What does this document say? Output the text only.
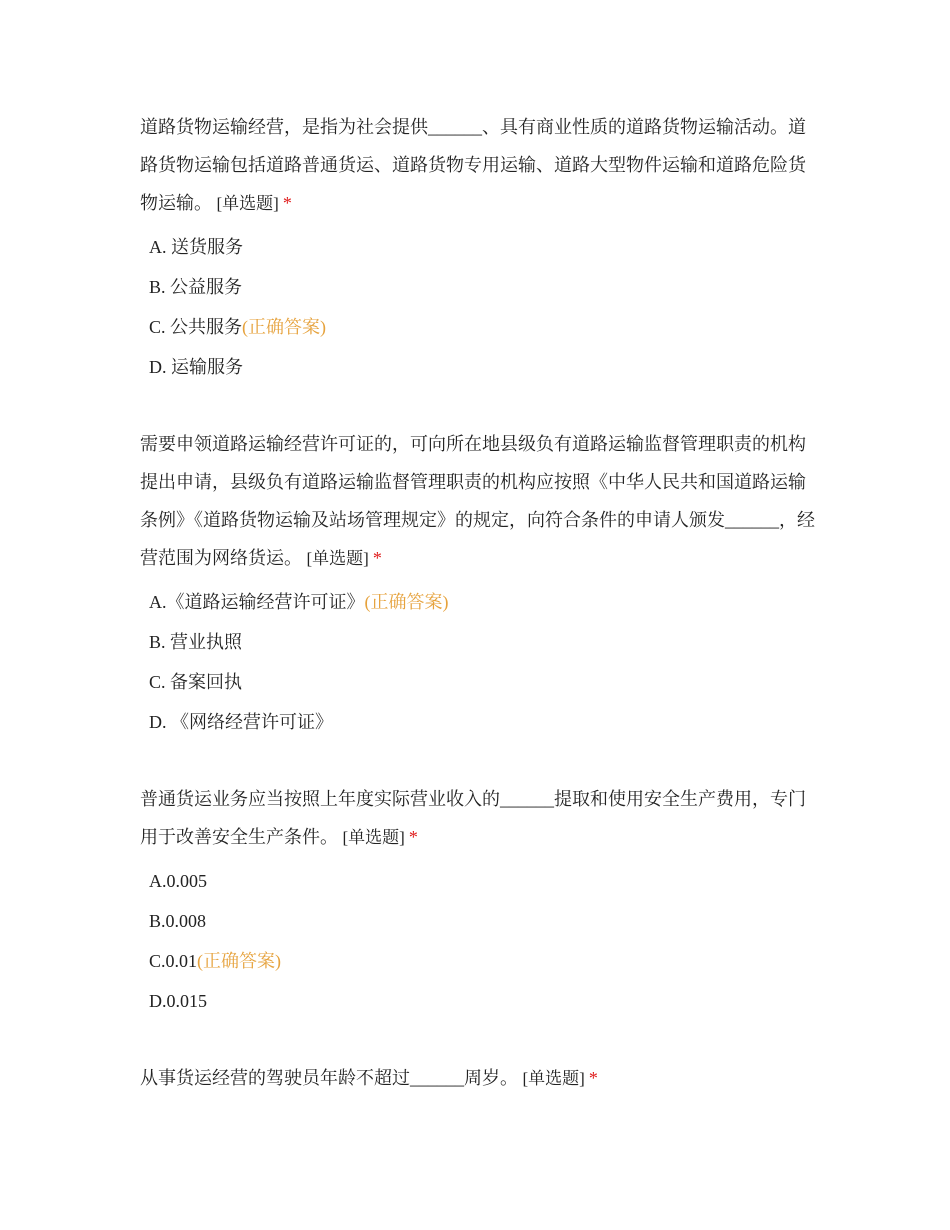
道路货物运输经营，是指为社会提供______、具有商业性质的道路货物运输活动。道路货物运输包括道路普通货运、道路货物专用运输、道路大型物件运输和道路危险货物运输。 [单选题] *
A. 送货服务
B. 公益服务
C. 公共服务(正确答案)
D. 运输服务
需要申领道路运输经营许可证的，可向所在地县级负有道路运输监督管理职责的机构提出申请，县级负有道路运输监督管理职责的机构应按照《中华人民共和国道路运输条例》《道路货物运输及站场管理规定》的规定，向符合条件的申请人颁发______，经营范围为网络货运。 [单选题] *
A.《道路运输经营许可证》(正确答案)
B. 营业执照
C. 备案回执
D. 《网络经营许可证》
普通货运业务应当按照上年度实际营业收入的______提取和使用安全生产费用，专门用于改善安全生产条件。 [单选题] *
A.0.005
B.0.008
C.0.01(正确答案)
D.0.015
从事货运经营的驾驶员年龄不超过______周岁。 [单选题] *
